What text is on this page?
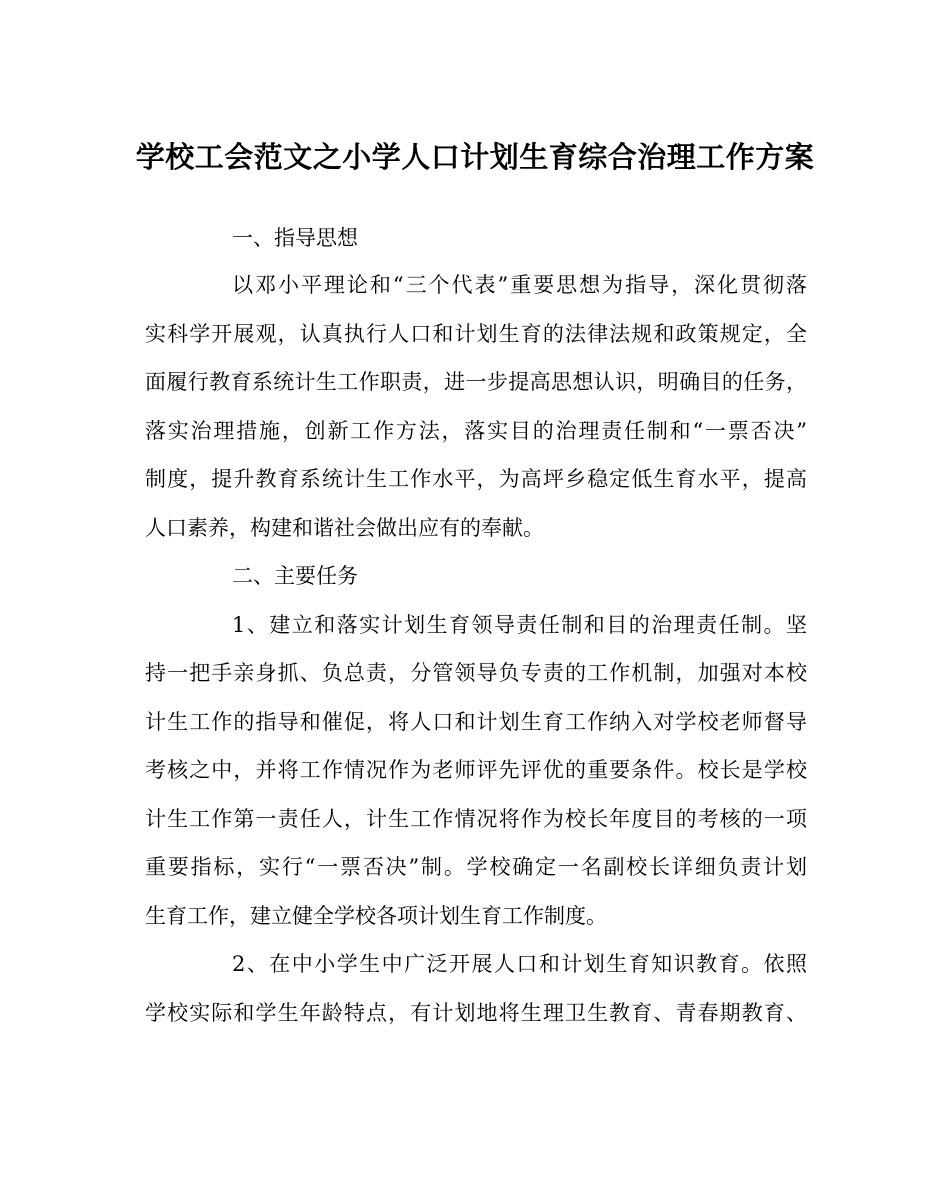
学校工会范文之小学人口计划生育综合治理工作方案
一、指导思想
以邓小平理论和“三个代表”重要思想为指导，深化贯彻落
实科学开展观，认真执行人口和计划生育的法律法规和政策规定，全
面履行教育系统计生工作职责，进一步提高思想认识，明确目的任务，
落实治理措施，创新工作方法，落实目的治理责任制和“一票否决”
制度，提升教育系统计生工作水平，为高坪乡稳定低生育水平，提高
人口素养，构建和谐社会做出应有的奉献。
二、主要任务
1、建立和落实计划生育领导责任制和目的治理责任制。坚
持一把手亲身抓、负总责，分管领导负专责的工作机制，加强对本校
计生工作的指导和催促，将人口和计划生育工作纳入对学校老师督导
考核之中，并将工作情况作为老师评先评优的重要条件。校长是学校
计生工作第一责任人，计生工作情况将作为校长年度目的考核的一项
重要指标，实行“一票否决”制。学校确定一名副校长详细负责计划
生育工作，建立健全学校各项计划生育工作制度。
2、在中小学生中广泛开展人口和计划生育知识教育。依照
学校实际和学生年龄特点，有计划地将生理卫生教育、青春期教育、
